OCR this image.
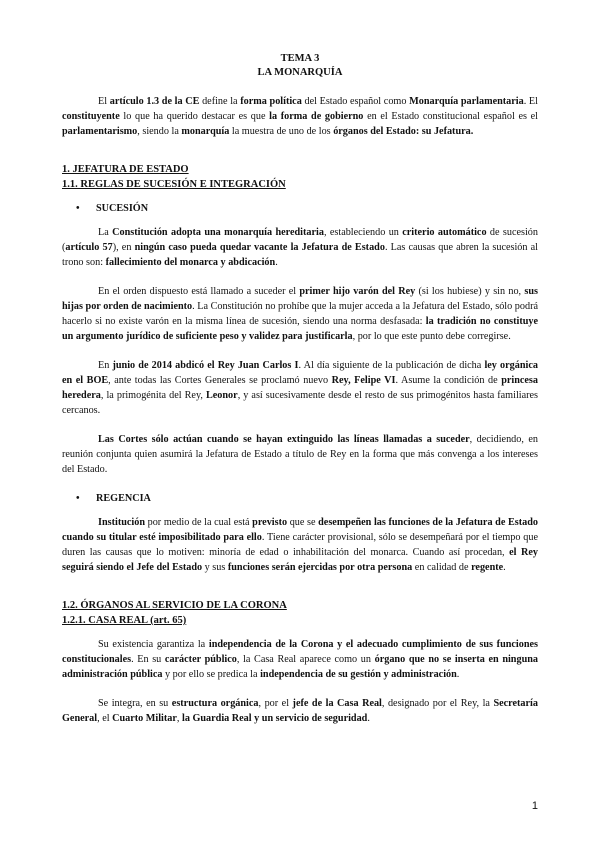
TEMA 3

LA MONARQUÍA

El artículo 1.3 de la CE define la forma política del Estado español como Monarquía parlamentaria. El constituyente lo que ha querido destacar es que la forma de gobierno en el Estado constitucional español es el parlamentarismo, siendo la monarquía la muestra de uno de los órganos del Estado: su Jefatura.

1. JEFATURA DE ESTADO
1.1. REGLAS DE SUCESIÓN E INTEGRACIÓN
• SUCESIÓN

La Constitución adopta una monarquía hereditaria, estableciendo un criterio automático de sucesión (artículo 57), en ningún caso pueda quedar vacante la Jefatura de Estado. Las causas que abren la sucesión al trono son: fallecimiento del monarca y abdicación.

En el orden dispuesto está llamado a suceder el primer hijo varón del Rey (si los hubiese) y sin no, sus hijas por orden de nacimiento. La Constitución no prohíbe que la mujer acceda a la Jefatura del Estado, sólo podrá hacerlo si no existe varón en la misma línea de sucesión, siendo una norma desfasada: la tradición no constituye un argumento jurídico de suficiente peso y validez para justificarla, por lo que este punto debe corregirse.

En junio de 2014 abdicó el Rey Juan Carlos I. Al día siguiente de la publicación de dicha ley orgánica en el BOE, ante todas las Cortes Generales se proclamó nuevo Rey, Felipe VI. Asume la condición de princesa heredera, la primogénita del Rey, Leonor, y así sucesivamente desde el resto de sus primogénitos hasta familiares cercanos.

Las Cortes sólo actúan cuando se hayan extinguido las líneas llamadas a suceder, decidiendo, en reunión conjunta quien asumirá la Jefatura de Estado a título de Rey en la forma que más convenga a los intereses del Estado.

• REGENCIA

Institución por medio de la cual está previsto que se desempeñen las funciones de la Jefatura de Estado cuando su titular esté imposibilitado para ello. Tiene carácter provisional, sólo se desempeñará por el tiempo que duren las causas que lo motiven: minoría de edad o inhabilitación del monarca. Cuando así procedan, el Rey seguirá siendo el Jefe del Estado y sus funciones serán ejercidas por otra persona en calidad de regente.

1.2. ÓRGANOS AL SERVICIO DE LA CORONA
1.2.1. CASA REAL (art. 65)

Su existencia garantiza la independencia de la Corona y el adecuado cumplimiento de sus funciones constitucionales. En su carácter público, la Casa Real aparece como un órgano que no se inserta en ninguna administración pública y por ello se predica la independencia de su gestión y administración.

Se integra, en su estructura orgánica, por el jefe de la Casa Real, designado por el Rey, la Secretaría General, el Cuarto Militar, la Guardia Real y un servicio de seguridad.

1
